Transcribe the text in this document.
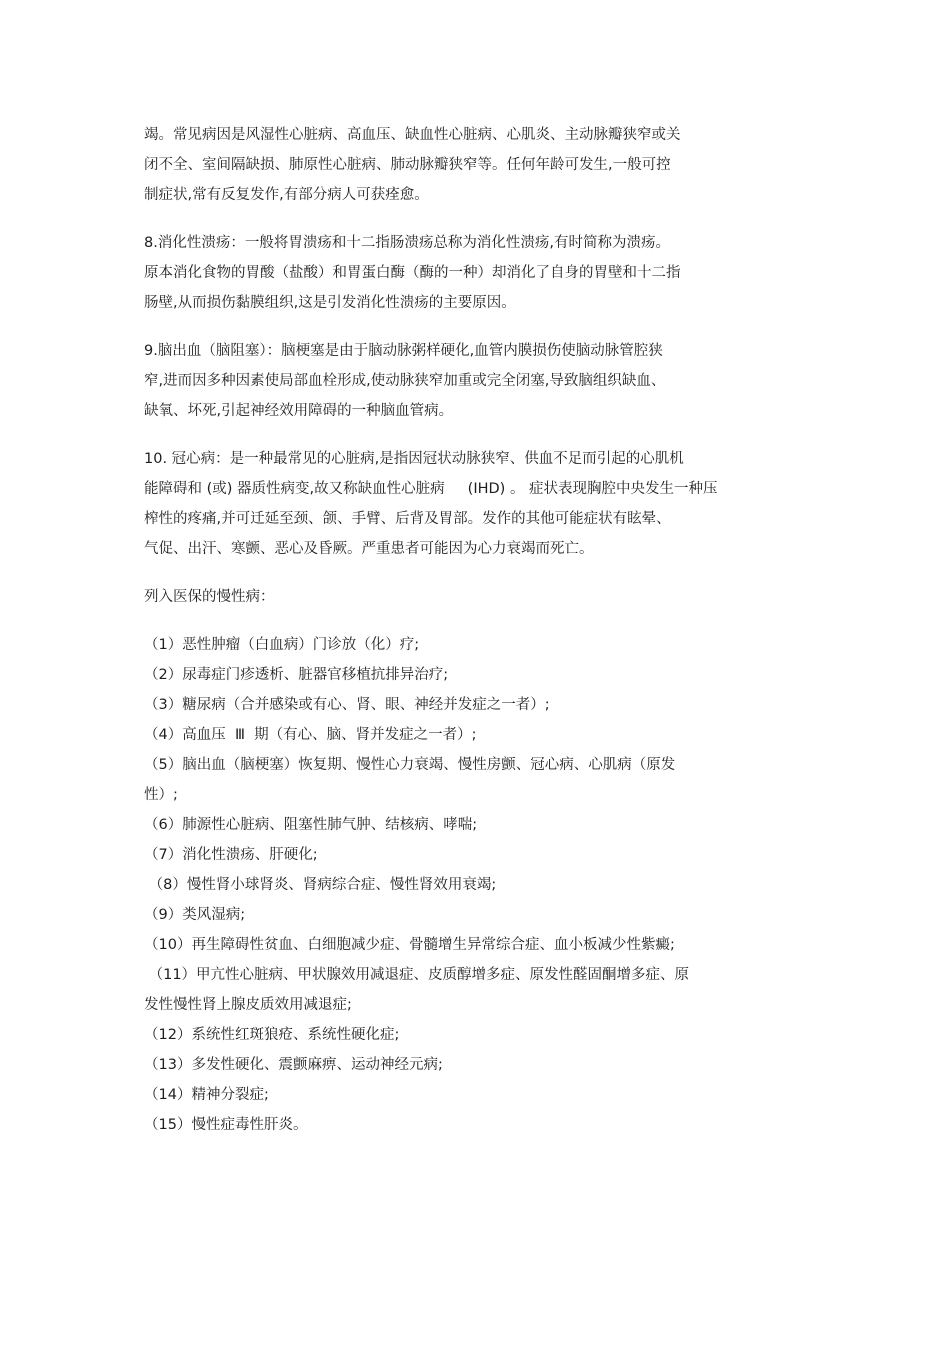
竭。常见病因是风湿性心脏病、高血压、缺血性心脏病、心肌炎、主动脉瓣狭窄或关
闭不全、室间隔缺损、肺原性心脏病、肺动脉瓣狭窄等。任何年龄可发生,一般可控
制症状,常有反复发作,有部分病人可获痊愈。
8.消化性溃疡：一般将胃溃疡和十二指肠溃疡总称为消化性溃疡,有时简称为溃疡。
原本消化食物的胃酸（盐酸）和胃蛋白酶（酶的一种）却消化了自身的胃壁和十二指
肠壁,从而损伤黏膜组织,这是引发消化性溃疡的主要原因。
9.脑出血（脑阻塞）：脑梗塞是由于脑动脉粥样硬化,血管内膜损伤使脑动脉管腔狭
窄,进而因多种因素使局部血栓形成,使动脉狭窄加重或完全闭塞,导致脑组织缺血、
缺氧、坏死,引起神经效用障碍的一种脑血管病。
10. 冠心病：是一种最常见的心脏病,是指因冠状动脉狭窄、供血不足而引起的心肌机
能障碍和 (或) 器质性病变,故又称缺血性心脏病     (IHD) 。 症状表现胸腔中央发生一种压
榨性的疼痛,并可迁延至颈、颌、手臂、后背及胃部。发作的其他可能症状有眩晕、
气促、出汗、寒颤、恶心及昏厥。严重患者可能因为心力衰竭而死亡。
列入医保的慢性病：
（1）恶性肿瘤（白血病）门诊放（化）疗;
（2）尿毒症门疹透析、脏器官移植抗排异治疗;
（3）糖尿病（合并感染或有心、肾、眼、神经并发症之一者）;
（4）高血压  Ⅲ  期（有心、脑、肾并发症之一者）;
（5）脑出血（脑梗塞）恢复期、慢性心力衰竭、慢性房颤、冠心病、心肌病（原发
性）;
（6）肺源性心脏病、阻塞性肺气肿、结核病、哮喘;
（7）消化性溃疡、肝硬化;
（8）慢性肾小球肾炎、肾病综合症、慢性肾效用衰竭;
（9）类风湿病;
（10）再生障碍性贫血、白细胞减少症、骨髓增生异常综合症、血小板减少性紫癜;
（11）甲亢性心脏病、甲状腺效用减退症、皮质醇增多症、原发性醛固酮增多症、原
发性慢性肾上腺皮质效用减退症;
（12）系统性红斑狼疮、系统性硬化症;
（13）多发性硬化、震颤麻痹、运动神经元病;
（14）精神分裂症;
（15）慢性症毒性肝炎。
